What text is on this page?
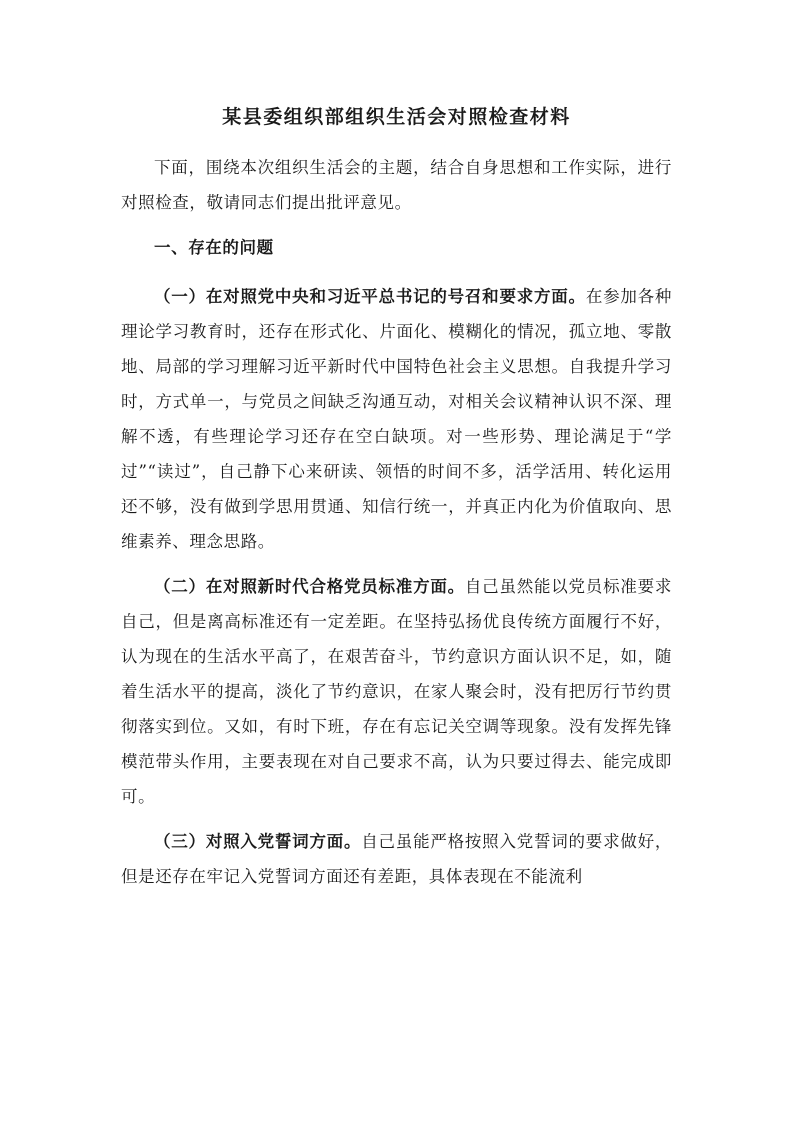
某县委组织部组织生活会对照检查材料

下面，围绕本次组织生活会的主题，结合自身思想和工作实际，进行对照检查，敬请同志们提出批评意见。

一、存在的问题

（一）在对照党中央和习近平总书记的号召和要求方面。在参加各种理论学习教育时，还存在形式化、片面化、模糊化的情况，孤立地、零散地、局部的学习理解习近平新时代中国特色社会主义思想。自我提升学习时，方式单一，与党员之间缺乏沟通互动，对相关会议精神认识不深、理解不透，有些理论学习还存在空白缺项。对一些形势、理论满足于“学过”“读过”，自己静下心来研读、领悟的时间不多，活学活用、转化运用还不够，没有做到学思用贯通、知信行统一，并真正内化为价值取向、思维素养、理念思路。

（二）在对照新时代合格党员标准方面。自己虽然能以党员标准要求自己，但是离高标准还有一定差距。在坚持弘扬优良传统方面履行不好，认为现在的生活水平高了，在艰苦奋斗，节约意识方面认识不足，如，随着生活水平的提高，淡化了节约意识，在家人聚会时，没有把厉行节约贯彻落实到位。又如，有时下班，存在有忘记关空调等现象。没有发挥先锋模范带头作用，主要表现在对自己要求不高，认为只要过得去、能完成即可。

（三）对照入党誓词方面。自己虽能严格按照入党誓词的要求做好，但是还存在牢记入党誓词方面还有差距，具体表现在不能流利
